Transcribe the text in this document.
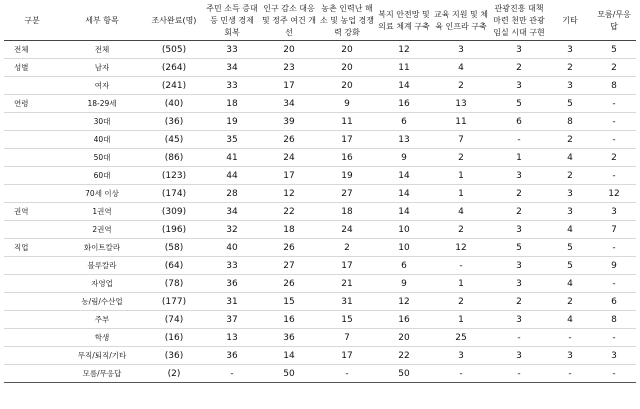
구분	세부 항목	조사완료(명)	주민 소득 증대 등 민생 경제 회복	인구 감소 대응 및 정주 여건 개선	농촌 인력난 해소 및 농업 경쟁력 강화	복지 안전망 및 의료 체계 구축	교육 지원 및 체육 인프라 구축	관광진흥 대책 마련 천만 관광 임실 시대 구현	기타	모름/무응답
전체	전체	(505)	33	20	20	12	3	3	3	5
성별	남자	(264)	34	23	20	11	4	2	2	2
	여자	(241)	33	17	20	14	2	3	3	8
연령	18-29세	(40)	18	34	9	16	13	5	5	-
	30대	(36)	19	39	11	6	11	6	8	-
	40대	(45)	35	26	17	13	7	-	2	-
	50대	(86)	41	24	16	9	2	1	4	2
	60대	(123)	44	17	19	14	1	3	2	-
	70세 이상	(174)	28	12	27	14	1	2	3	12
권역	1권역	(309)	34	22	18	14	4	2	3	3
	2권역	(196)	32	18	24	10	2	3	4	7
직업	화이트칼라	(58)	40	26	2	10	12	5	5	-
	블루칼라	(64)	33	27	17	6	-	3	5	9
	자영업	(78)	36	26	21	9	1	3	4	-
	농/림/수산업	(177)	31	15	31	12	2	2	2	6
	주부	(74)	37	16	15	16	1	3	4	8
	학생	(16)	13	36	7	20	25	-	-	-
	무직/퇴직/기타	(36)	36	14	17	22	3	3	3	3
	모름/무응답	(2)	-	50	-	50	-	-	-	-
